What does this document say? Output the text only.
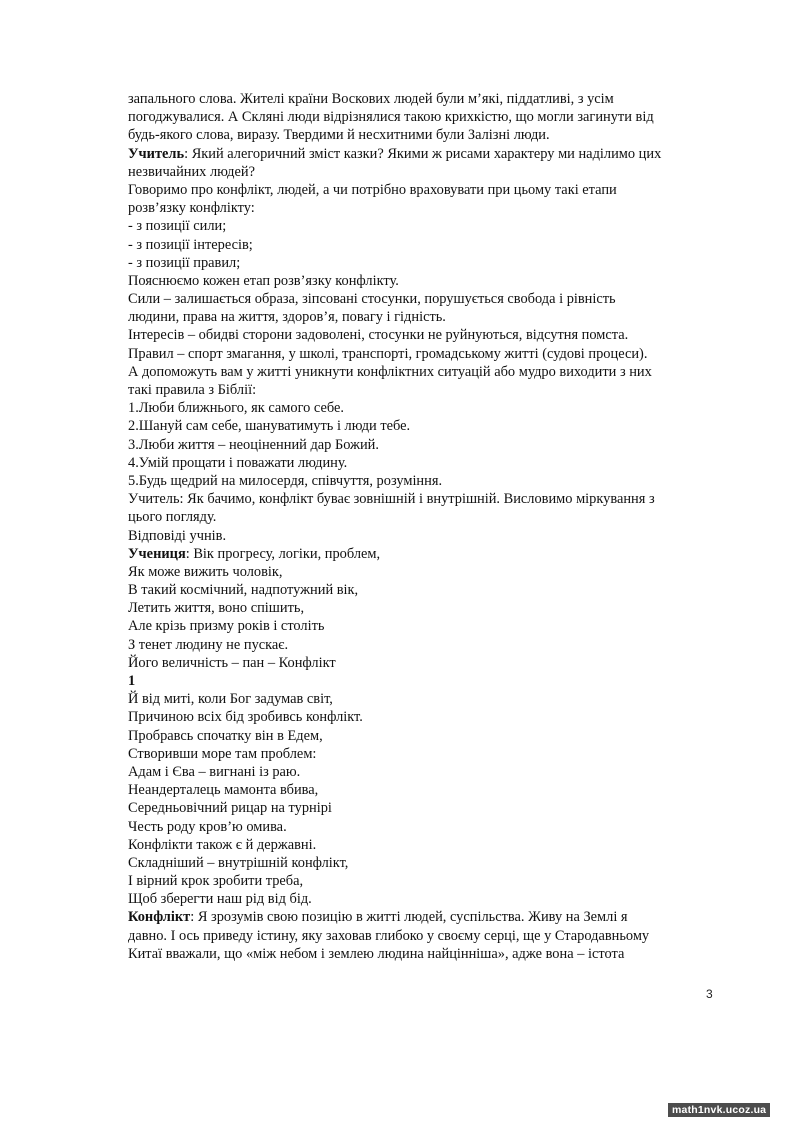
запального слова. Жителі країни Воскових людей були м’які, піддатливі, з усім
погоджувалися. А Скляні люди відрізнялися такою крихкістю, що могли загинути від
будь-якого слова, виразу. Твердими й несхитними були Залізні люди.
Учитель: Який алегоричний зміст казки? Якими ж рисами характеру ми наділимо цих
незвичайних людей?
Говоримо про конфлікт, людей, а чи потрібно враховувати при цьому такі етапи
розв’язку конфлікту:
- з позиції сили;
- з позиції інтересів;
- з позиції правил;
Пояснюємо кожен етап розв’язку конфлікту.
Сили – залишається образа, зіпсовані стосунки, порушується свобода і рівність
людини, права на життя, здоров’я, повагу і гідність.
Інтересів – обидві сторони задоволені, стосунки не руйнуються, відсутня помста.
Правил – спорт змагання, у школі, транспорті, громадському житті (судові процеси).
А допоможуть вам у житті уникнути конфліктних ситуацій або мудро виходити з них
такі правила з Біблії:
1.Люби ближнього, як самого себе.
2.Шануй сам себе, шануватимуть і люди тебе.
3.Люби життя – неоціненний дар Божий.
4.Умій прощати і поважати людину.
5.Будь щедрий на милосердя, співчуття, розуміння.
Учитель: Як бачимо, конфлікт буває зовнішній і внутрішній. Висловимо міркування з
цього погляду.
Відповіді учнів.
Учениця: Вік прогресу, логіки, проблем,
Як може вижить чоловік,
В такий космічний, надпотужний вік,
Летить життя, воно спішить,
Але крізь призму років і століть
З тенет людину не пускає.
Його величність – пан – Конфлікт
1
Й від миті, коли Бог задумав світ,
Причиною всіх бід зробивсь конфлікт.
Пробравсь спочатку він в Едем,
Створивши море там проблем:
Адам і Єва – вигнані із раю.
Неандерталець мамонта вбива,
Середньовічний рицар на турнірі
Честь роду кров’ю омива.
Конфлікти також є й державні.
Складніший – внутрішній конфлікт,
І вірний крок зробити треба,
Щоб зберегти наш рід від бід.
Конфлікт: Я зрозумів свою позицію в житті людей, суспільства. Живу на Землі я
давно. І ось приведу істину, яку заховав глибоко у своєму серці, ще у Стародавньому
Китаї вважали, що «між небом і землею людина найцінніша», адже вона – істота
3
math1nvk.ucoz.ua
